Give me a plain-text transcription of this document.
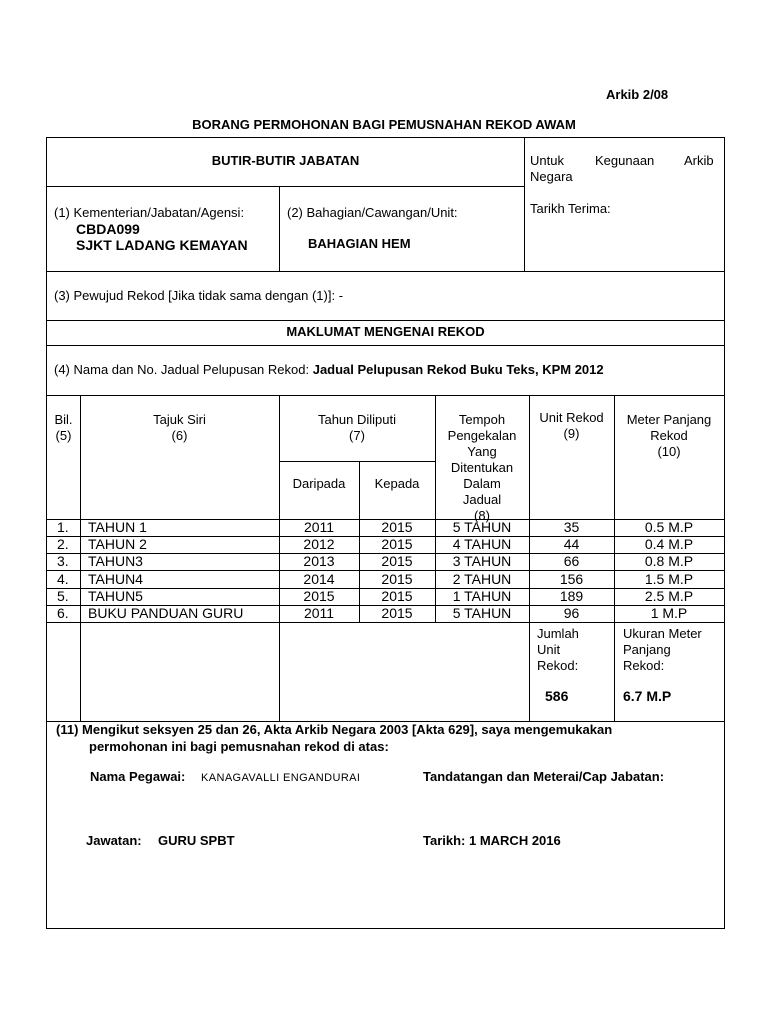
Arkib 2/08
BORANG PERMOHONAN BAGI PEMUSNAHAN REKOD AWAM
BUTIR-BUTIR JABATAN	Untuk Kegunaan Arkib
Negara
Tarikh Terima:
(1) Kementerian/Jabatan/Agensi:
CBDA099
SJKT LADANG KEMAYAN
(2) Bahagian/Cawangan/Unit:
BAHAGIAN HEM
(3) Pewujud Rekod [Jika tidak sama dengan (1)]: -
MAKLUMAT MENGENAI REKOD
(4) Nama dan No. Jadual Pelupusan Rekod: Jadual Pelupusan Rekod Buku Teks, KPM 2012
Bil.
(5)
Tajuk Siri
(6)
Tahun Diliputi
(7)
Daripada	Kepada
Tempoh
Pengekalan
Yang
Ditentukan
Dalam
Jadual
(8)
Unit Rekod
(9)
Meter Panjang
Rekod
(10)
1. TAHUN 1	2011	2015	5 TAHUN	35	0.5 M.P
2. TAHUN 2	2012	2015	4 TAHUN	44	0.4 M.P
3. TAHUN3	2013	2015	3 TAHUN	66	0.8 M.P
4. TAHUN4	2014	2015	2 TAHUN	156	1.5 M.P
5. TAHUN5	2015	2015	1 TAHUN	189	2.5 M.P
6. BUKU PANDUAN GURU	2011	2015	5 TAHUN	96	1 M.P
Jumlah
Unit
Rekod:
586
Ukuran Meter
Panjang
Rekod:
6.7 M.P
(11) Mengikut seksyen 25 dan 26, Akta Arkib Negara 2003 [Akta 629], saya mengemukakan
permohonan ini bagi pemusnahan rekod di atas:
Nama Pegawai: KANAGAVALLI ENGANDURAI	Tandatangan dan Meterai/Cap Jabatan:
Jawatan: GURU SPBT	Tarikh: 1 MARCH 2016
